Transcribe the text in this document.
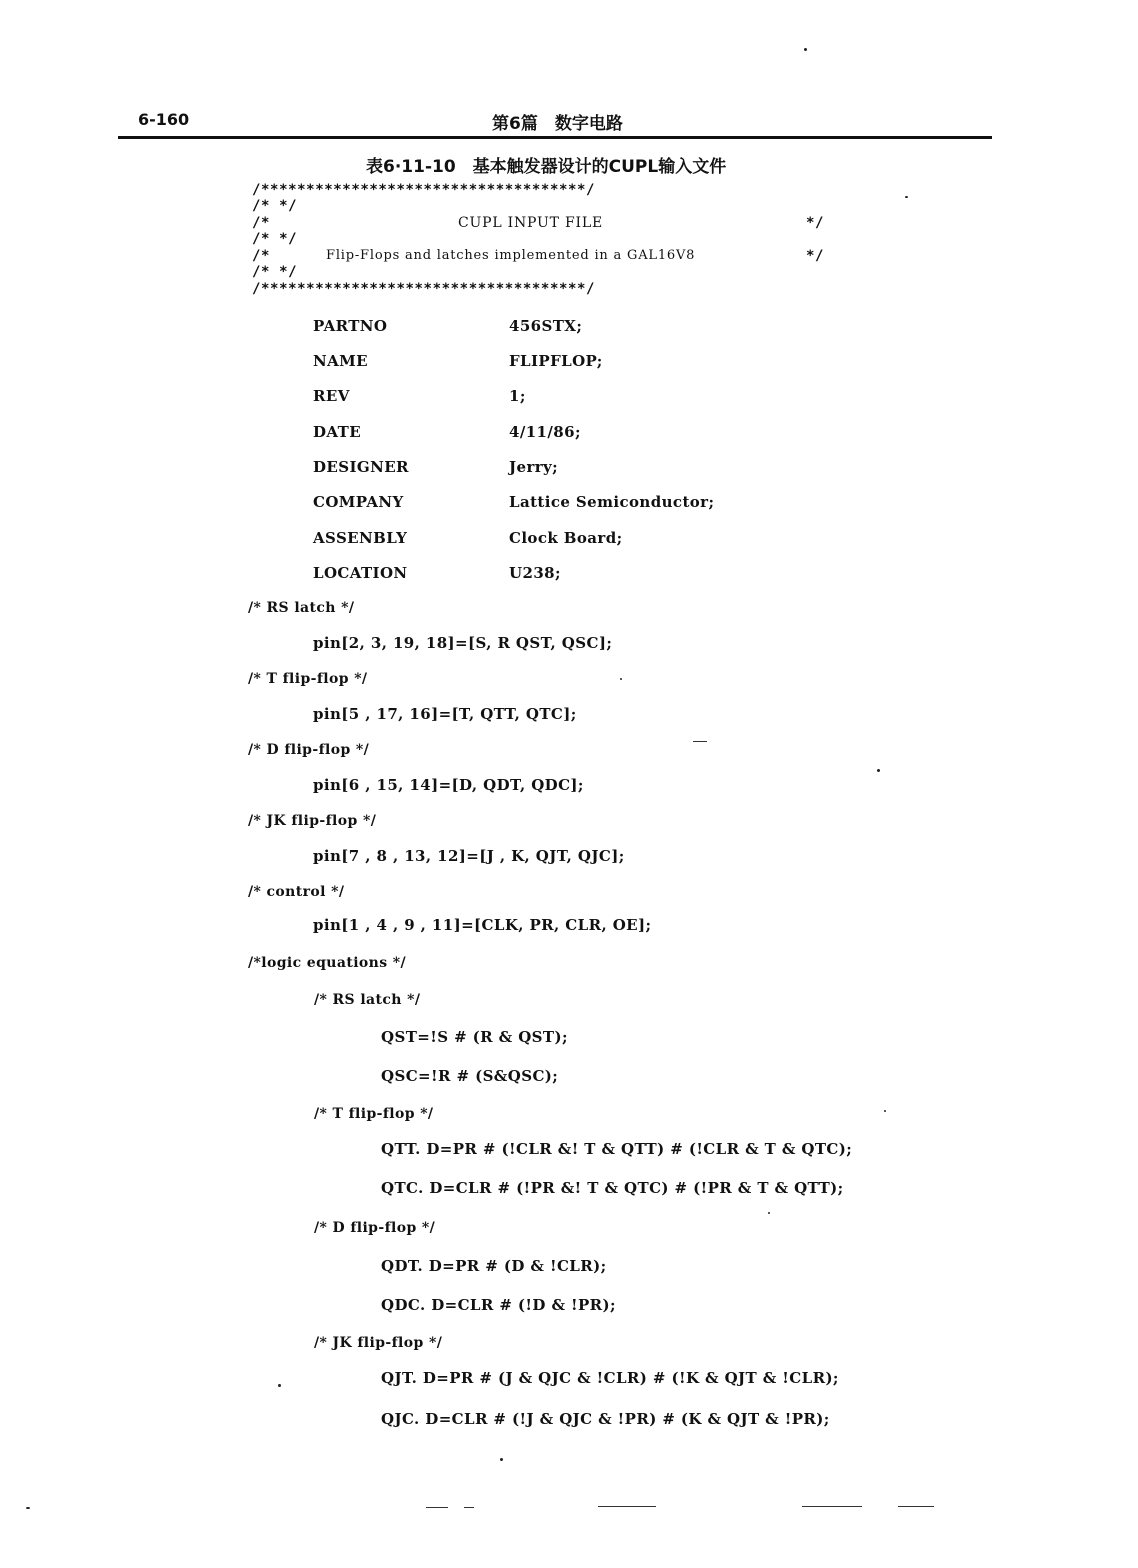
6-160	第6篇　数字电路
表6·11-10　基本触发器设计的CUPL输入文件
/************************************/
/* */
/*	*/
CUPL INPUT FILE
/* */
/*	*/
Flip-Flops and latches implemented in a GAL16V8
/* */
/************************************/
PARTNO	456STX;
NAME	FLIPFLOP;
REV	1;
DATE	4/11/86;
DESIGNER	Jerry;
COMPANY	Lattice Semiconductor;
ASSENBLY	Clock Board;
LOCATION	U238;
/* RS latch */
pin[2, 3, 19, 18]=[S, R QST, QSC];
/* T flip-flop */
pin[5 , 17, 16]=[T, QTT, QTC];
/* D flip-flop */
pin[6 , 15, 14]=[D, QDT, QDC];
/* JK flip-flop */
pin[7 , 8 , 13, 12]=[J , K, QJT, QJC];
/* control */
pin[1 , 4 , 9 , 11]=[CLK, PR, CLR, OE];
/*logic equations */
/* RS latch */
QST=!S # (R & QST);
QSC=!R # (S&QSC);
/* T flip-flop */
QTT. D=PR # (!CLR &! T & QTT) # (!CLR & T & QTC);
QTC. D=CLR # (!PR &! T & QTC) # (!PR & T & QTT);
/* D flip-flop */
QDT. D=PR # (D & !CLR);
QDC. D=CLR # (!D & !PR);
/* JK flip-flop */
QJT. D=PR # (J & QJC & !CLR) # (!K & QJT & !CLR);
QJC. D=CLR # (!J & QJC & !PR) # (K & QJT & !PR);
